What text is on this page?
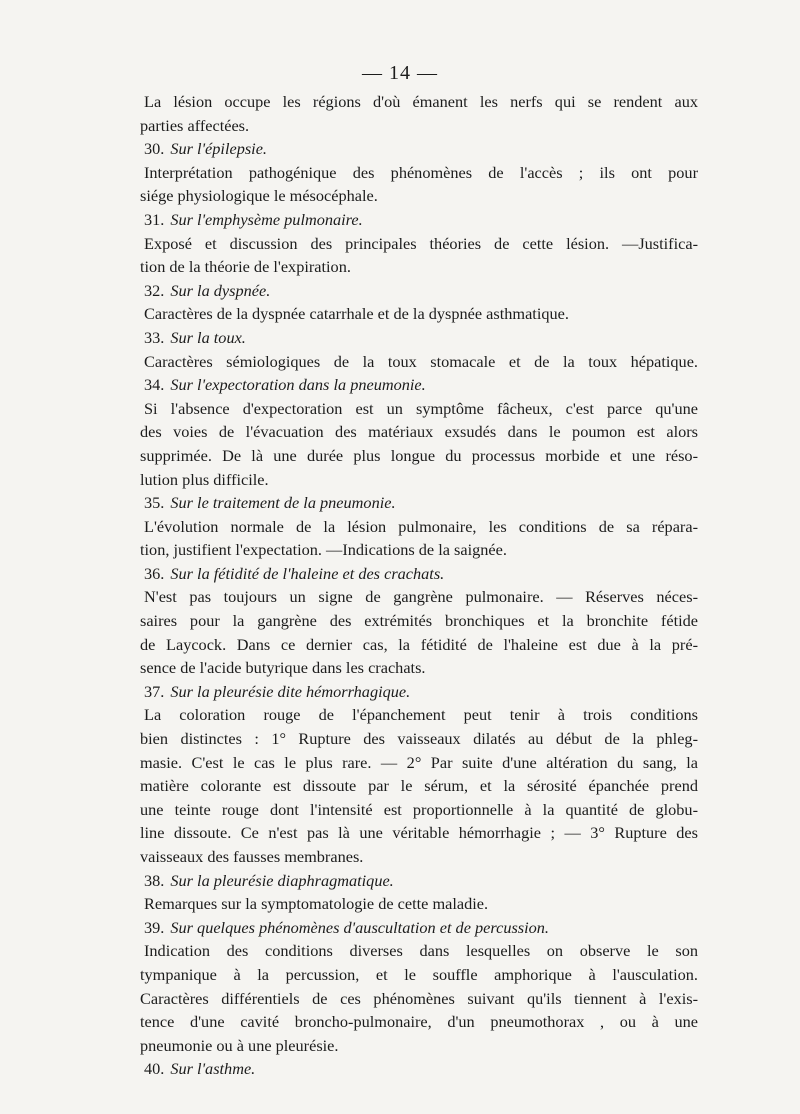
— 14 —
La lésion occupe les régions d'où émanent les nerfs qui se rendent aux
parties affectées.
30. Sur l'épilepsie.
Interprétation pathogénique des phénomènes de l'accès ; ils ont pour
siége physiologique le mésocéphale.
31. Sur l'emphysème pulmonaire.
Exposé et discussion des principales théories de cette lésion. —Justifica-
tion de la théorie de l'expiration.
32. Sur la dyspnée.
Caractères de la dyspnée catarrhale et de la dyspnée asthmatique.
33. Sur la toux.
Caractères sémiologiques de la toux stomacale et de la toux hépatique.
34. Sur l'expectoration dans la pneumonie.
Si l'absence d'expectoration est un symptôme fâcheux, c'est parce qu'une
des voies de l'évacuation des matériaux exsudés dans le poumon est alors
supprimée. De là une durée plus longue du processus morbide et une réso-
lution plus difficile.
35. Sur le traitement de la pneumonie.
L'évolution normale de la lésion pulmonaire, les conditions de sa répara-
tion, justifient l'expectation. —Indications de la saignée.
36. Sur la fétidité de l'haleine et des crachats.
N'est pas toujours un signe de gangrène pulmonaire. — Réserves néces-
saires pour la gangrène des extrémités bronchiques et la bronchite fétide
de Laycock. Dans ce dernier cas, la fétidité de l'haleine est due à la pré-
sence de l'acide butyrique dans les crachats.
37. Sur la pleurésie dite hémorrhagique.
La coloration rouge de l'épanchement peut tenir à trois conditions
bien distinctes : 1° Rupture des vaisseaux dilatés au début de la phleg-
masie. C'est le cas le plus rare. — 2° Par suite d'une altération du sang, la
matière colorante est dissoute par le sérum, et la sérosité épanchée prend
une teinte rouge dont l'intensité est proportionnelle à la quantité de globu-
line dissoute. Ce n'est pas là une véritable hémorrhagie ; — 3° Rupture des
vaisseaux des fausses membranes.
38. Sur la pleurésie diaphragmatique.
Remarques sur la symptomatologie de cette maladie.
39. Sur quelques phénomènes d'auscultation et de percussion.
Indication des conditions diverses dans lesquelles on observe le son
tympanique à la percussion, et le souffle amphorique à l'ausculation.
Caractères différentiels de ces phénomènes suivant qu'ils tiennent à l'exis-
tence d'une cavité broncho-pulmonaire, d'un pneumothorax , ou à une
pneumonie ou à une pleurésie.
40. Sur l'asthme.
